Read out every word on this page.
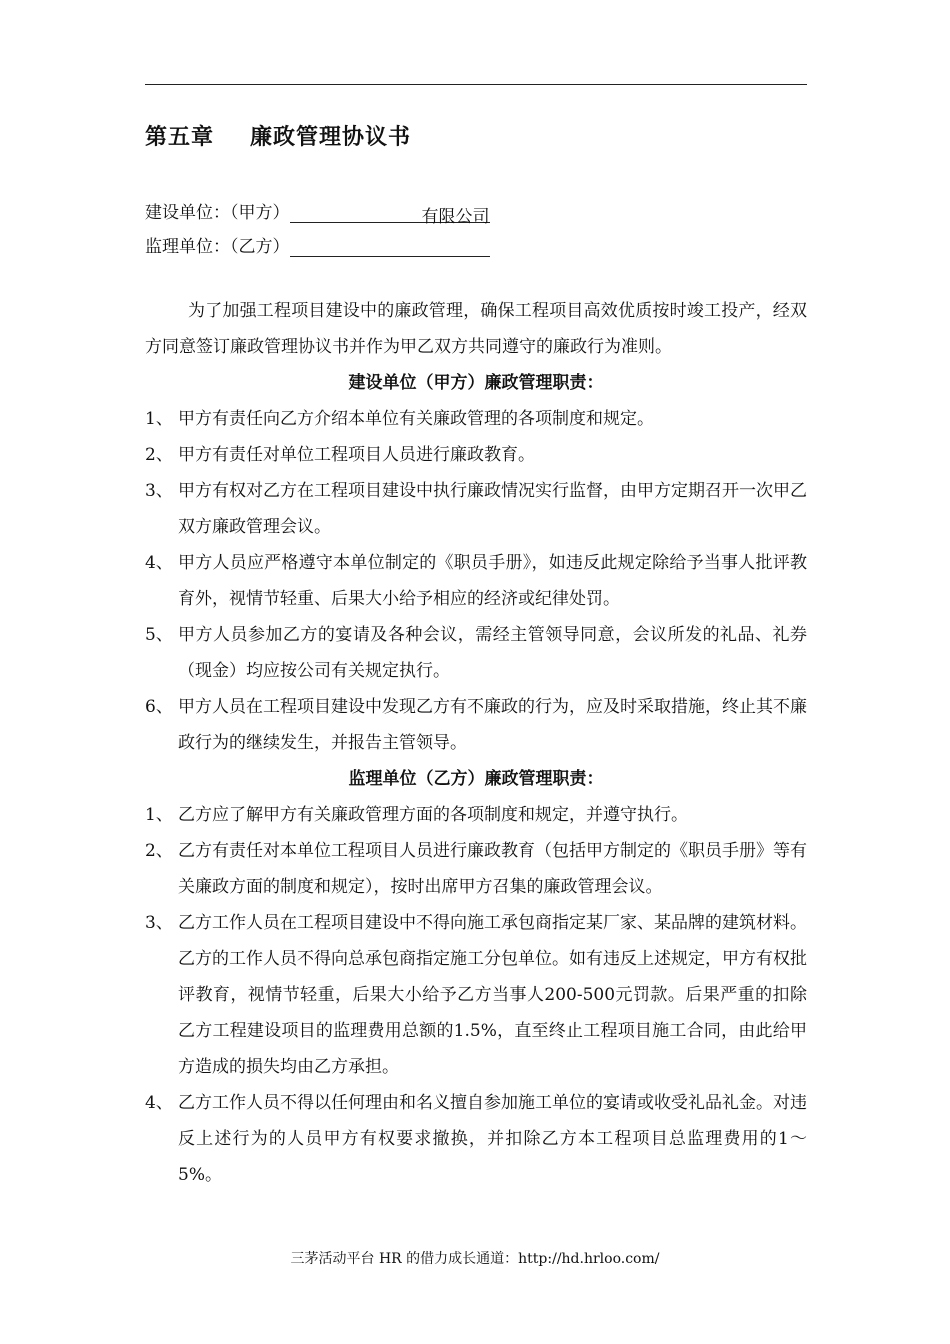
第五章 廉政管理协议书
建设单位：（甲方）	有限公司
监理单位：（乙方）

为了加强工程项目建设中的廉政管理，确保工程项目高效优质按时竣工投产，经双方同意签订廉政管理协议书并作为甲乙双方共同遵守的廉政行为准则。

建设单位（甲方）廉政管理职责：

1、 甲方有责任向乙方介绍本单位有关廉政管理的各项制度和规定。
2、 甲方有责任对单位工程项目人员进行廉政教育。
3、 甲方有权对乙方在工程项目建设中执行廉政情况实行监督，由甲方定期召开一次甲乙双方廉政管理会议。
4、 甲方人员应严格遵守本单位制定的《职员手册》，如违反此规定除给予当事人批评教育外，视情节轻重、后果大小给予相应的经济或纪律处罚。
5、 甲方人员参加乙方的宴请及各种会议，需经主管领导同意，会议所发的礼品、礼券（现金）均应按公司有关规定执行。
6、 甲方人员在工程项目建设中发现乙方有不廉政的行为，应及时采取措施，终止其不廉政行为的继续发生，并报告主管领导。

监理单位（乙方）廉政管理职责：

1、 乙方应了解甲方有关廉政管理方面的各项制度和规定，并遵守执行。
2、 乙方有责任对本单位工程项目人员进行廉政教育（包括甲方制定的《职员手册》等有关廉政方面的制度和规定），按时出席甲方召集的廉政管理会议。
3、 乙方工作人员在工程项目建设中不得向施工承包商指定某厂家、某品牌的建筑材料。乙方的工作人员不得向总承包商指定施工分包单位。如有违反上述规定，甲方有权批评教育，视情节轻重，后果大小给予乙方当事人200-500元罚款。后果严重的扣除乙方工程建设项目的监理费用总额的1.5%，直至终止工程项目施工合同，由此给甲方造成的损失均由乙方承担。
4、 乙方工作人员不得以任何理由和名义擅自参加施工单位的宴请或收受礼品礼金。对违反上述行为的人员甲方有权要求撤换，并扣除乙方本工程项目总监理费用的1～5%。
三茅活动平台 HR 的借力成长通道：http://hd.hrloo.com/
